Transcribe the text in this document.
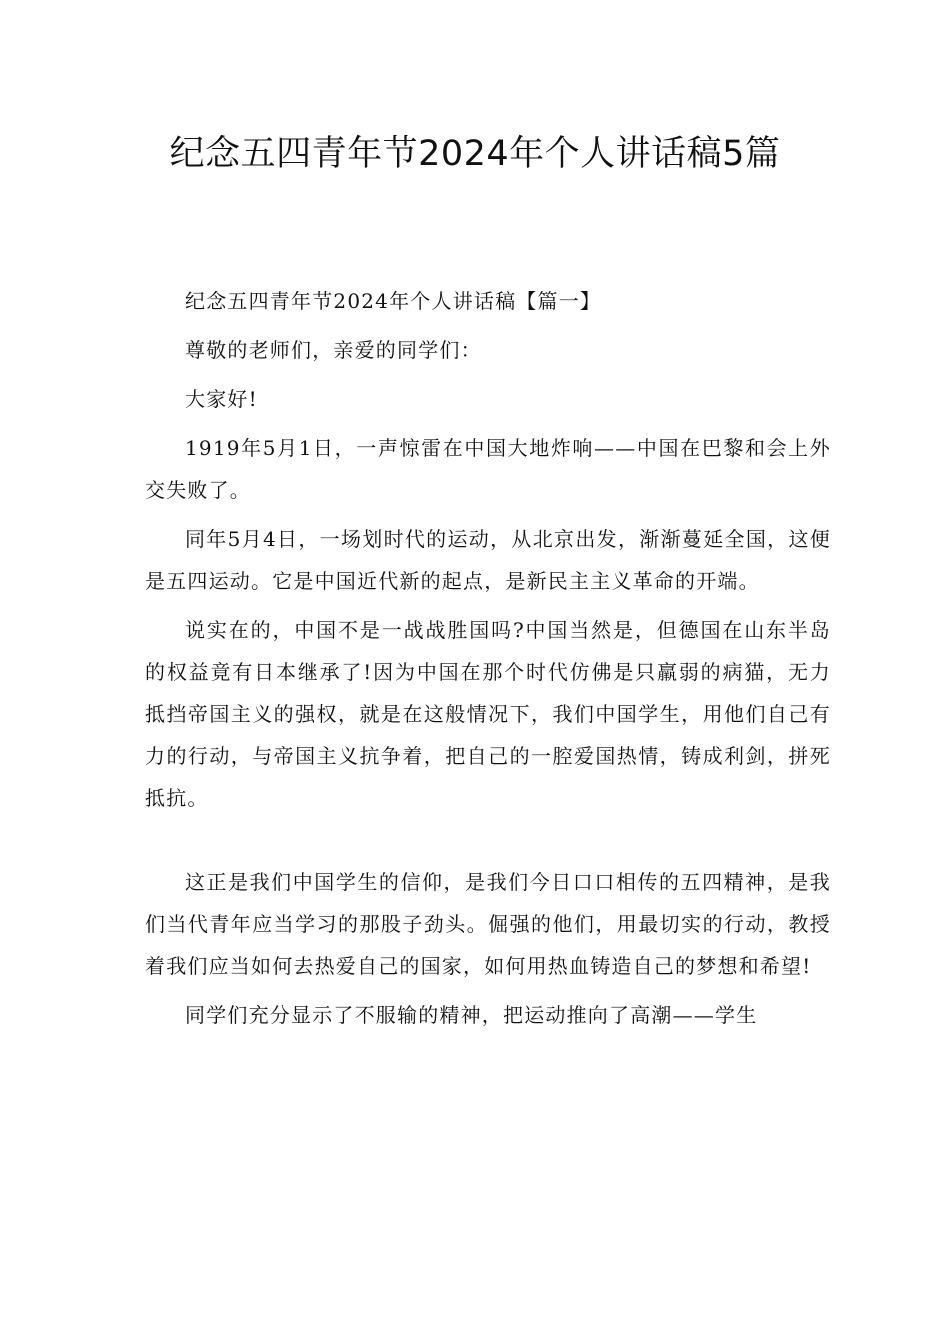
纪念五四青年节2024年个人讲话稿5篇

纪念五四青年节2024年个人讲话稿【篇一】

尊敬的老师们，亲爱的同学们：

大家好!

1919年5月1日，一声惊雷在中国大地炸响——中国在巴黎和会上外交失败了。

同年5月4日，一场划时代的运动，从北京出发，渐渐蔓延全国，这便是五四运动。它是中国近代新的起点，是新民主主义革命的开端。

说实在的，中国不是一战战胜国吗?中国当然是，但德国在山东半岛的权益竟有日本继承了!因为中国在那个时代仿佛是只羸弱的病猫，无力抵挡帝国主义的强权，就是在这般情况下，我们中国学生，用他们自己有力的行动，与帝国主义抗争着，把自己的一腔爱国热情，铸成利剑，拼死抵抗。

这正是我们中国学生的信仰，是我们今日口口相传的五四精神，是我们当代青年应当学习的那股子劲头。倔强的他们，用最切实的行动，教授着我们应当如何去热爱自己的国家，如何用热血铸造自己的梦想和希望!

同学们充分显示了不服输的精神，把运动推向了高潮——学生
